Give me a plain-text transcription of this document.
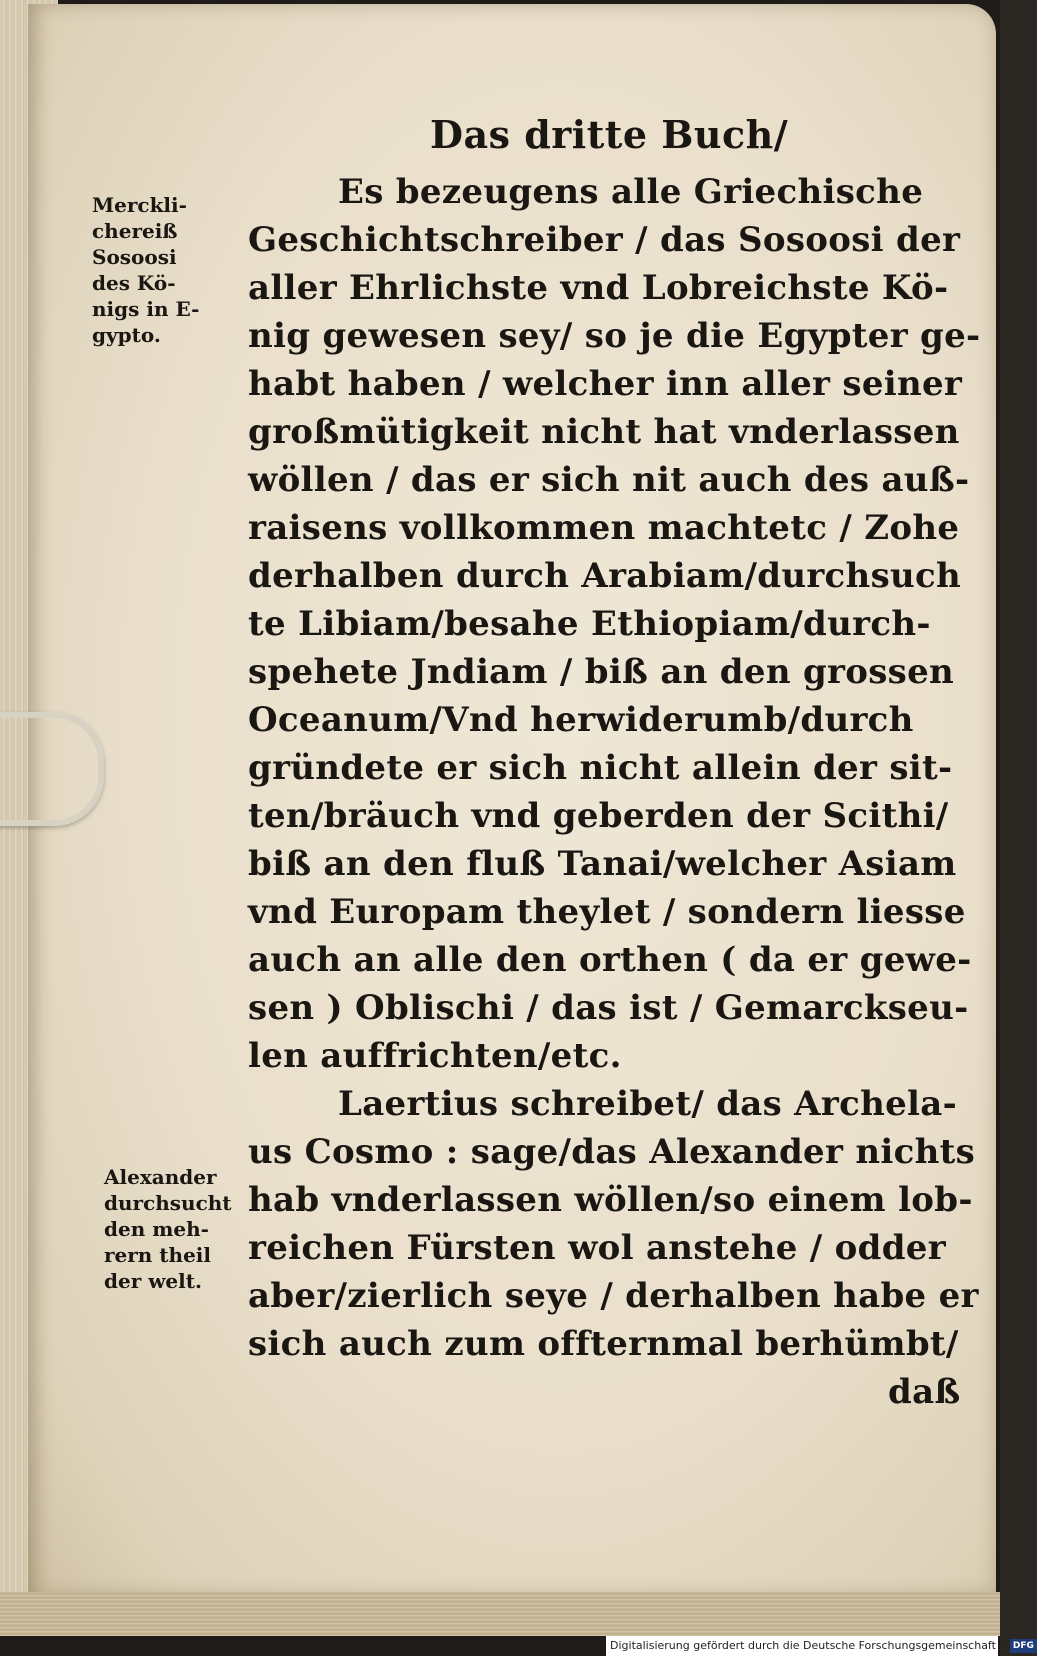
Das dritte Buch/
Merckli-
chereiß
Sosoosi
des Kö-
nigs in E-
gypto.
Alexander
durchsucht
den meh-
rern theil
der welt.
Es bezeugens alle Griechische
Geschichtschreiber / das Sosoosi der
aller Ehrlichste vnd Lobreichste Kö-
nig gewesen sey/ so je die Egypter ge-
habt haben / welcher inn aller seiner
großmütigkeit nicht hat vnderlassen
wöllen / das er sich nit auch des auß-
raisens vollkommen machtetc / Zohe
derhalben durch Arabiam/durchsuch
te Libiam/besahe Ethiopiam/durch-
spehete Jndiam / biß an den grossen
Oceanum/Vnd herwiderumb/durch
gründete er sich nicht allein der sit-
ten/bräuch vnd geberden der Scithi/
biß an den fluß Tanai/welcher Asiam
vnd Europam theylet / sondern liesse
auch an alle den orthen ( da er gewe-
sen ) Oblischi / das ist / Gemarckseu-
len auffrichten/etc.
Laertius schreibet/ das Archela-
us Cosmo : sage/das Alexander nichts
hab vnderlassen wöllen/so einem lob-
reichen Fürsten wol anstehe / odder
aber/zierlich seye / derhalben habe er
sich auch zum offternmal berhümbt/
daß
Digitalisierung gefördert durch die Deutsche Forschungsgemeinschaft - DFG
